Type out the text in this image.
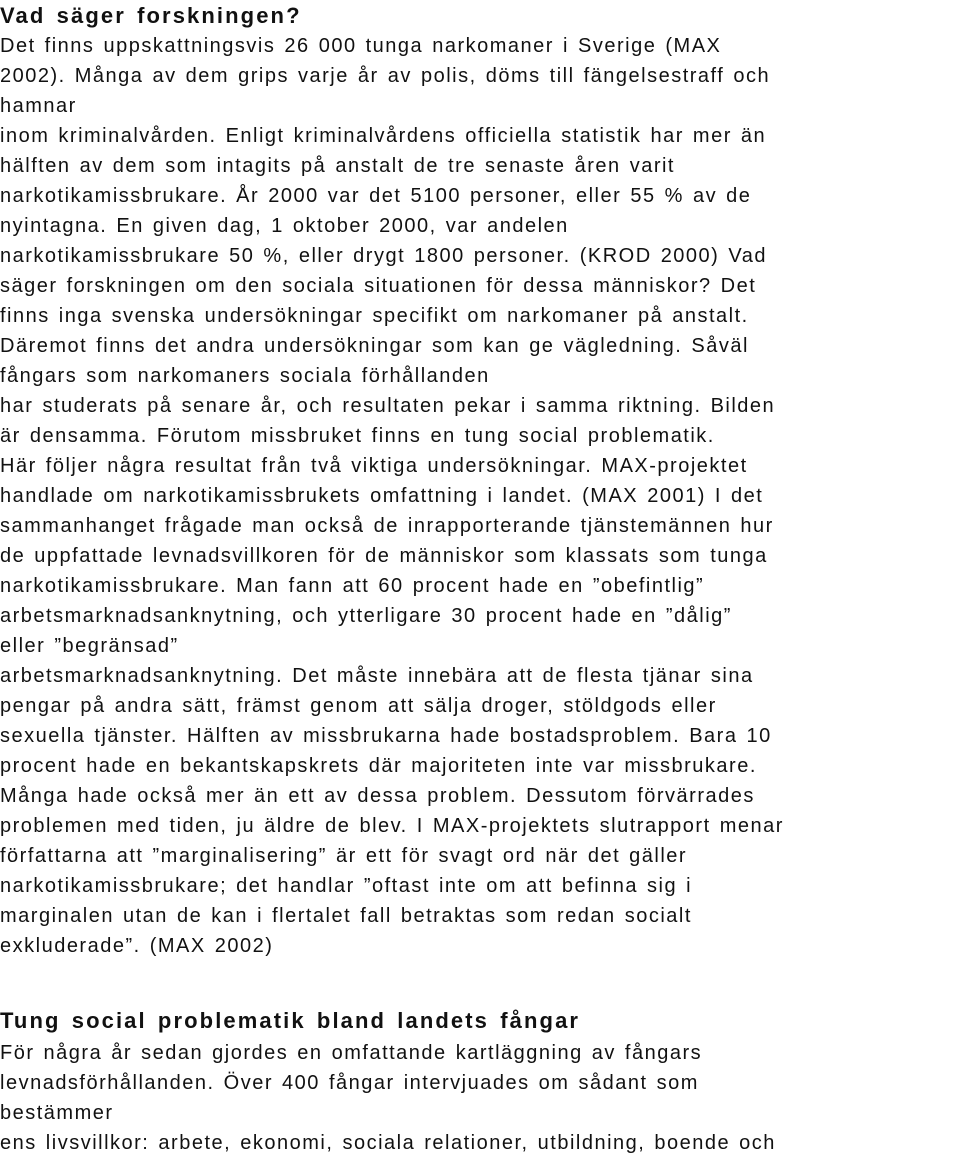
Vad säger forskningen?
Det finns uppskattningsvis 26 000 tunga narkomaner i Sverige (MAX
2002). Många av dem grips varje år av polis, döms till fängelsestraff och
hamnar
inom kriminalvården. Enligt kriminalvårdens officiella statistik har mer än
hälften av dem som intagits på anstalt de tre senaste åren varit
narkotikamissbrukare. År 2000 var det 5100 personer, eller 55 % av de
nyintagna. En given dag, 1 oktober 2000, var andelen
narkotikamissbrukare 50 %, eller drygt 1800 personer. (KROD 2000) Vad
säger forskningen om den sociala situationen för dessa människor? Det
finns inga svenska undersökningar specifikt om narkomaner på anstalt.
Däremot finns det andra undersökningar som kan ge vägledning. Såväl
fångars som narkomaners sociala förhållanden
har studerats på senare år, och resultaten pekar i samma riktning. Bilden
är densamma. Förutom missbruket finns en tung social problematik.
Här följer några resultat från två viktiga undersökningar. MAX-projektet
handlade om narkotikamissbrukets omfattning i landet. (MAX 2001) I det
sammanhanget frågade man också de inrapporterande tjänstemännen hur
de uppfattade levnadsvillkoren för de människor som klassats som tunga
narkotikamissbrukare. Man fann att 60 procent hade en ”obefintlig”
arbetsmarknadsanknytning, och ytterligare 30 procent hade en ”dålig”
eller ”begränsad”
arbetsmarknadsanknytning. Det måste innebära att de flesta tjänar sina
pengar på andra sätt, främst genom att sälja droger, stöldgods eller
sexuella tjänster. Hälften av missbrukarna hade bostadsproblem. Bara 10
procent hade en bekantskapskrets där majoriteten inte var missbrukare.
Många hade också mer än ett av dessa problem. Dessutom förvärrades
problemen med tiden, ju äldre de blev. I MAX-projektets slutrapport menar
författarna att ”marginalisering” är ett för svagt ord när det gäller
narkotikamissbrukare; det handlar ”oftast inte om att befinna sig i
marginalen utan de kan i flertalet fall betraktas som redan socialt
exkluderade”. (MAX 2002)
Tung social problematik bland landets fångar
För några år sedan gjordes en omfattande kartläggning av fångars
levnadsförhållanden. Över 400 fångar intervjuades om sådant som
bestämmer
ens livsvillkor: arbete, ekonomi, sociala relationer, utbildning, boende och
